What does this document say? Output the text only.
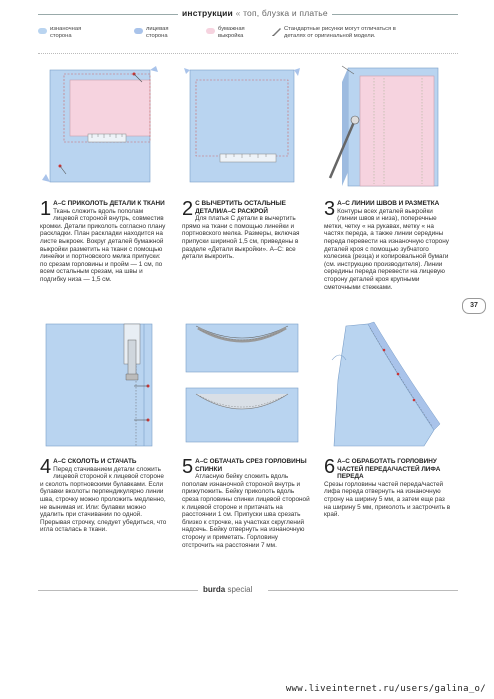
инструкции « топ, блузка и платье
изнаночная сторона
лицевая сторона
бумажная выкройка
Стандартные рисунки могут отличаться в деталях от оригинальной модели.
1 А–С ПРИКОЛОТЬ ДЕТАЛИ К ТКАНИ
Ткань сложить вдоль пополам лицевой стороной внутрь, совместив кромки. Детали приколоть согласно плану раскладки. План раскладки находится на листе выкроек. Вокруг деталей бумажной выкройки разметить на ткани с помощью линейки и портновского мелка припуски: по срезам горловины и пройм — 1 см, по всем остальным срезам, на швы и подгибку низа — 1,5 см.
2 С ВЫЧЕРТИТЬ ОСТАЛЬНЫЕ ДЕТАЛИ/А–С РАСКРОЙ
Для платья С детали в вычертить прямо на ткани с помощью линейки и портновского мелка. Размеры, включая припуски шириной 1,5 см, приведены в разделе «Детали выкройки». А–С: все детали выкроить.
3 А–С ЛИНИИ ШВОВ И РАЗМЕТКА
Контуры всех деталей выкройки (линии швов и низа), поперечные метки, четку « на рукавах, метку « на частях переда, а также линии середины переда перевести на изнаночную сторону деталей кроя с помощью зубчатого колесика (резца) и копировальной бумаги (см. инструкцию производителя). Линии середины переда перевести на лицевую сторону деталей кроя крупными сметочными стежками.
37
4 А–С СКОЛОТЬ И СТАЧАТЬ
Перед стачиванием детали сложить лицевой стороной к лицевой стороне и сколоть портновскими булавками. Если булавки вколоты перпендикулярно линии шва, строчку можно проложить медленно, не вынимая иг. Или: булавки можно удалить при стачивании по одной. Прерывая строчку, следует убедиться, что игла осталась в ткани.
5 А–С ОБТАЧАТЬ СРЕЗ ГОРЛОВИНЫ СПИНКИ
Атласную бейку сложить вдоль пополам изнаночной стороной внутрь и прижутюжить. Бейку приколоть вдоль среза горловины спинки лицевой стороной к лицевой стороне и притачать на расстоянии 1 см. Припуски шва срезать близко к строчке, на участках скруглений надсечь. Бейку отвернуть на изнаночную сторону и приметать. Горловину отстрочить на расстоянии 7 мм.
6 А–С ОБРАБОТАТЬ ГОРЛОВИНУ ЧАСТЕЙ ПЕРЕДА/ЧАСТЕЙ ЛИФА ПЕРЕДА
Срезы горловины частей переда/частей лифа переда отвернуть на изнаночную строну на ширину 5 мм, а затем еще раз на ширину 5 мм, приколоть и застрочить в край.
burda special
www.liveinternet.ru/users/galina_o/
